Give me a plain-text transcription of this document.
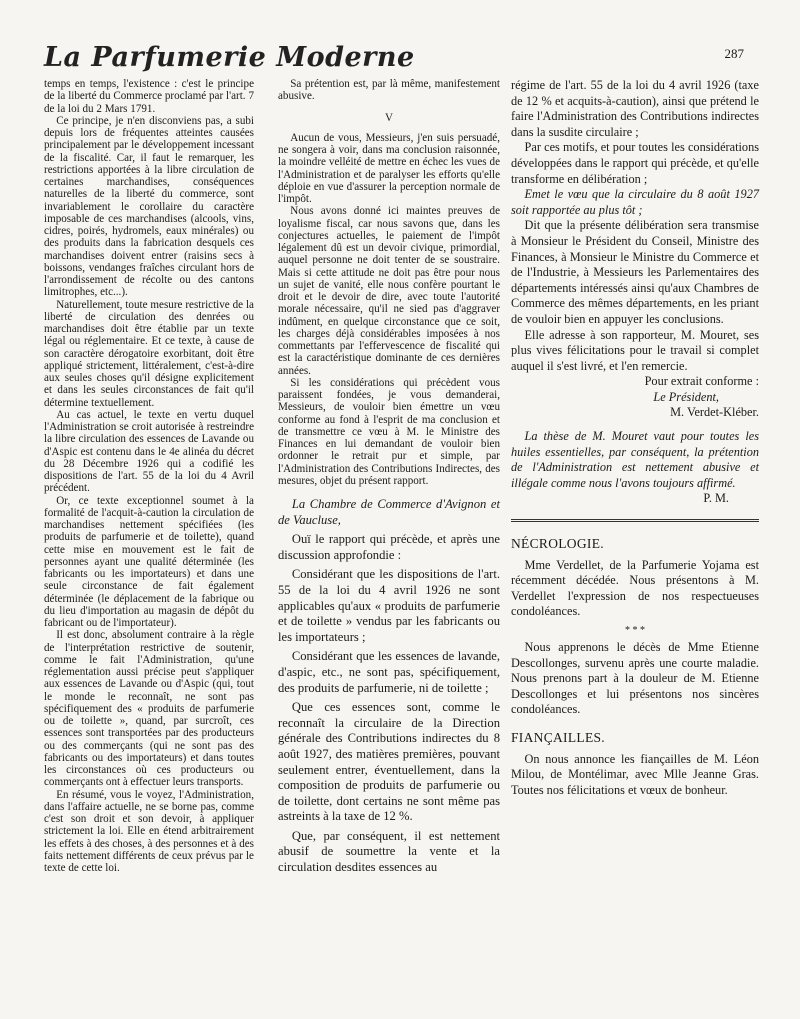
La Parfumerie Moderne	287

temps en temps, l'existence : c'est le principe de la liberté du Commerce proclamé par l'art. 7 de la loi du 2 Mars 1791.

Ce principe, je n'en disconviens pas, a subi depuis lors de fréquentes atteintes causées principalement par le développement incessant de la fiscalité. Car, il faut le remarquer, les restrictions apportées à la libre circulation de certaines marchandises, conséquences naturelles de la liberté du commerce, sont invariablement le corollaire du caractère imposable de ces marchandises (alcools, vins, cidres, poirés, hydromels, eaux minérales) ou des produits dans la fabrication desquels ces marchandises doivent entrer (raisins secs à boissons, vendanges fraîches circulant hors de l'arrondissement de récolte ou des cantons limitrophes, etc...).

Naturellement, toute mesure restrictive de la liberté de circulation des denrées ou marchandises doit être établie par un texte légal ou réglementaire. Et ce texte, à cause de son caractère dérogatoire exorbitant, doit être appliqué strictement, littéralement, c'est-à-dire aux seules choses qu'il désigne explicitement et dans les seules circonstances de fait qu'il détermine textuellement.

Au cas actuel, le texte en vertu duquel l'Administration se croit autorisée à restreindre la libre circulation des essences de Lavande ou d'Aspic est contenu dans le 4e alinéa du décret du 28 Décembre 1926 qui a codifié les dispositions de l'art. 55 de la loi du 4 Avril précédent.

Or, ce texte exceptionnel soumet à la formalité de l'acquit-à-caution la circulation de marchandises nettement spécifiées (les produits de parfumerie et de toilette), quand cette mise en mouvement est le fait de personnes ayant une qualité déterminée (les fabricants ou les importateurs) et dans une seule circonstance de fait également déterminée (le déplacement de la fabrique ou du lieu d'importation au magasin de dépôt du fabricant ou de l'importateur).

Il est donc, absolument contraire à la règle de l'interprétation restrictive de soutenir, comme le fait l'Administration, qu'une réglementation aussi précise peut s'appliquer aux essences de Lavande ou d'Aspic (qui, tout le monde le reconnaît, ne sont pas spécifiquement des « produits de parfumerie ou de toilette », quand, par surcroît, ces essences sont transportées par des producteurs ou des commerçants (qui ne sont pas des fabricants ou des importateurs) et dans toutes les circonstances où ces producteurs ou commerçants ont à effectuer leurs transports.

En résumé, vous le voyez, l'Administration, dans l'affaire actuelle, ne se borne pas, comme c'est son droit et son devoir, à appliquer strictement la loi. Elle en étend arbitrairement les effets à des choses, à des personnes et à des faits nettement différents de ceux prévus par le texte de cette loi.

Sa prétention est, par là même, manifestement abusive.

V

Aucun de vous, Messieurs, j'en suis persuadé, ne songera à voir, dans ma conclusion raisonnée, la moindre velléité de mettre en échec les vues de l'Administration et de paralyser les efforts qu'elle déploie en vue d'assurer la perception normale de l'impôt.

Nous avons donné ici maintes preuves de loyalisme fiscal, car nous savons que, dans les conjectures actuelles, le paiement de l'impôt légalement dû est un devoir civique, primordial, auquel personne ne doit tenter de se soustraire. Mais si cette attitude ne doit pas être pour nous un sujet de vanité, elle nous confère pourtant le droit et le devoir de dire, avec toute l'autorité morale nécessaire, qu'il ne sied pas d'aggraver indûment, en quelque circonstance que ce soit, les charges déjà considérables imposées à nos commettants par l'effervescence de fiscalité qui est la caractéristique dominante de ces dernières années.

Si les considérations qui précèdent vous paraissent fondées, je vous demanderai, Messieurs, de vouloir bien émettre un vœu conforme au fond à l'esprit de ma conclusion et de transmettre ce vœu à M. le Ministre des Finances en lui demandant de vouloir bien ordonner le retrait pur et simple, par l'Administration des Contributions Indirectes, des mesures, objet du présent rapport.

La Chambre de Commerce d'Avignon et de Vaucluse,

Ouï le rapport qui précède, et après une discussion approfondie :

Considérant que les dispositions de l'art. 55 de la loi du 4 avril 1926 ne sont applicables qu'aux « produits de parfumerie et de toilette » vendus par les fabricants ou les importateurs ;

Considérant que les essences de lavande, d'aspic, etc., ne sont pas, spécifiquement, des produits de parfumerie, ni de toilette ;

Que ces essences sont, comme le reconnaît la circulaire de la Direction générale des Contributions indirectes du 8 août 1927, des matières premières, pouvant seulement entrer, éventuellement, dans la composition de produits de parfumerie ou de toilette, dont certains ne sont même pas astreints à la taxe de 12 %.

Que, par conséquent, il est nettement abusif de soumettre la vente et la circulation desdites essences au

régime de l'art. 55 de la loi du 4 avril 1926 (taxe de 12 % et acquits-à-caution), ainsi que prétend le faire l'Administration des Contributions indirectes dans la susdite circulaire ;

Par ces motifs, et pour toutes les considérations développées dans le rapport qui précède, et qu'elle transforme en délibération ;

Emet le vœu que la circulaire du 8 août 1927 soit rapportée au plus tôt ;

Dit que la présente délibération sera transmise à Monsieur le Président du Conseil, Ministre des Finances, à Monsieur le Ministre du Commerce et de l'Industrie, à Messieurs les Parlementaires des départements intéressés ainsi qu'aux Chambres de Commerce des mêmes départements, en les priant de vouloir bien en appuyer les conclusions.

Elle adresse à son rapporteur, M. Mouret, ses plus vives félicitations pour le travail si complet auquel il s'est livré, et l'en remercie.

Pour extrait conforme :
Le Président,
M. Verdet-Kléber.

La thèse de M. Mouret vaut pour toutes les huiles essentielles, par conséquent, la prétention de l'Administration est nettement abusive et illégale comme nous l'avons toujours affirmé.

P. M.

NÉCROLOGIE.

Mme Verdellet, de la Parfumerie Yojama est récemment décédée. Nous présentons à M. Verdellet l'expression de nos respectueuses condoléances.

* * *

Nous apprenons le décès de Mme Etienne Descollonges, survenu après une courte maladie. Nous prenons part à la douleur de M. Etienne Descollonges et lui présentons nos sincères condoléances.

FIANÇAILLES.

On nous annonce les fiançailles de M. Léon Milou, de Montélimar, avec Mlle Jeanne Gras. Toutes nos félicitations et vœux de bonheur.
